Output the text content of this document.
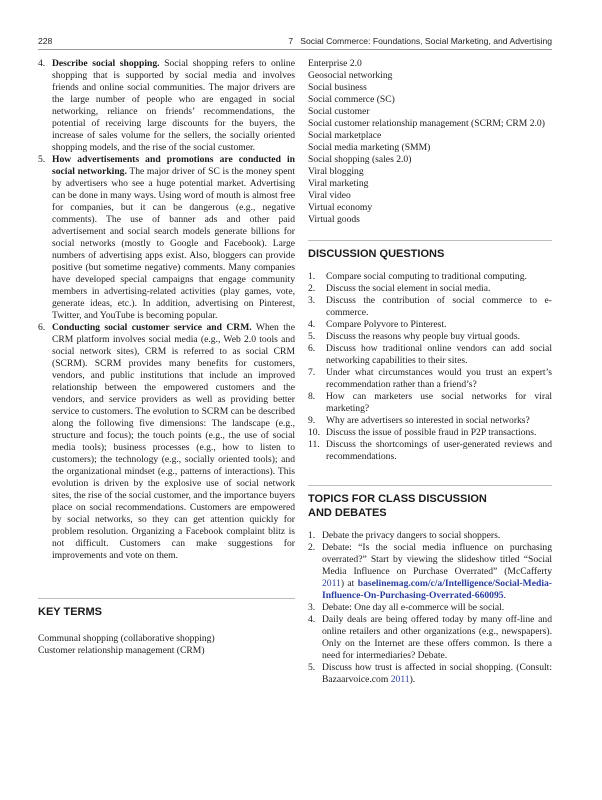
228	7   Social Commerce: Foundations, Social Marketing, and Advertising
4. Describe social shopping. Social shopping refers to online shopping that is supported by social media and involves friends and online social communities. The major drivers are the large number of people who are engaged in social networking, reliance on friends’ recommendations, the potential of receiving large discounts for the buyers, the increase of sales volume for the sellers, the socially oriented shopping models, and the rise of the social customer.
5. How advertisements and promotions are conducted in social networking. The major driver of SC is the money spent by advertisers who see a huge potential market. Advertising can be done in many ways. Using word of mouth is almost free for companies, but it can be dangerous (e.g., negative comments). The use of banner ads and other paid advertisement and social search models generate billions for social networks (mostly to Google and Facebook). Large numbers of advertising apps exist. Also, bloggers can provide positive (but sometime negative) comments. Many companies have developed special campaigns that engage community members in advertising-related activities (play games, vote, generate ideas, etc.). In addition, advertising on Pinterest, Twitter, and YouTube is becoming popular.
6. Conducting social customer service and CRM. When the CRM platform involves social media (e.g., Web 2.0 tools and social network sites), CRM is referred to as social CRM (SCRM). SCRM provides many benefits for customers, vendors, and public institutions that include an improved relationship between the empowered customers and the vendors, and service providers as well as providing better service to customers. The evolution to SCRM can be described along the following five dimensions: The landscape (e.g., structure and focus); the touch points (e.g., the use of social media tools); business processes (e.g., how to listen to customers); the technology (e.g., socially oriented tools); and the organizational mindset (e.g., patterns of interactions). This evolution is driven by the explosive use of social network sites, the rise of the social customer, and the importance buyers place on social recommendations. Customers are empowered by social networks, so they can get attention quickly for problem resolution. Organizing a Facebook complaint blitz is not difficult. Customers can make suggestions for improvements and vote on them.
KEY TERMS
Communal shopping (collaborative shopping)
Customer relationship management (CRM)
Enterprise 2.0
Geosocial networking
Social business
Social commerce (SC)
Social customer
Social customer relationship management (SCRM; CRM 2.0)
Social marketplace
Social media marketing (SMM)
Social shopping (sales 2.0)
Viral blogging
Viral marketing
Viral video
Virtual economy
Virtual goods
DISCUSSION QUESTIONS
1. Compare social computing to traditional computing.
2. Discuss the social element in social media.
3. Discuss the contribution of social commerce to e-commerce.
4. Compare Polyvore to Pinterest.
5. Discuss the reasons why people buy virtual goods.
6. Discuss how traditional online vendors can add social networking capabilities to their sites.
7. Under what circumstances would you trust an expert’s recommendation rather than a friend’s?
8. How can marketers use social networks for viral marketing?
9. Why are advertisers so interested in social networks?
10. Discuss the issue of possible fraud in P2P transactions.
11. Discuss the shortcomings of user-generated reviews and recommendations.
TOPICS FOR CLASS DISCUSSION
AND DEBATES
1. Debate the privacy dangers to social shoppers.
2. Debate: “Is the social media influence on purchasing overrated?” Start by viewing the slideshow titled “Social Media Influence on Purchase Overrated” (McCafferty 2011) at baselinemag.com/c/a/Intelligence/Social-Media-Influence-On-Purchasing-Overrated-660095.
3. Debate: One day all e-commerce will be social.
4. Daily deals are being offered today by many off-line and online retailers and other organizations (e.g., newspapers). Only on the Internet are these offers common. Is there a need for intermediaries? Debate.
5. Discuss how trust is affected in social shopping. (Consult: Bazaarvoice.com 2011).
